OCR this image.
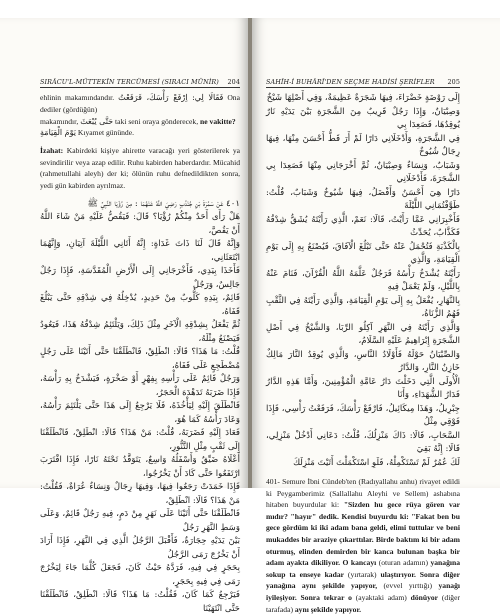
SIRÂCU'L-MÜTTEKÎN TERCÜMESİ (SIRACI MÜNİR) 204

ehlinin makamındandır. فَقَالَا لِي: اِرْفَعْ رَأْسَكَ، فَرَفَعْتُ Ona dediler (gördüğün)

makamındır, حَتَّى يُبْعَثَ taki seni oraya gönderecek, ne vakitte?

يَوْمَ الْقِيَامَةِ Kıyamet gününde.

İzahat: Kabirdeki kişiye ahirette varacağı yeri gösterilerek ya sevindirilir veya azap edilir. Ruhu kabirden haberdardır. Mücahid (rahmetullahi aleyh) der ki; ölünün ruhu defnedildikten sonra, yedi gün kabirden ayrılmaz.

٤٠١ عَنْ سَمُرَةَ بْنِ جُنْدُبٍ رَضِيَ اللَّهُ عَنْهُمَا : مِنْ رُؤْيَا النَّبِيِّ ﷺ

هَلْ رَأَى أَحَدٌ مِنْكُمْ رُؤْيَا؟ قَالَ: فَيَقُصُّ عَلَيْهِ مَنْ شَاءَ اللَّهُ أَنْ يَقُصَّ،

وَإِنَّهُ قَالَ لَنَا ذَاتَ غَدَاةٍ: إِنَّهُ أَتَانِي اللَّيْلَةَ آتِيَانِ، وَإِنَّهُمَا ابْتَعَثَانِي،

فَأَخَذَا بِيَدِي، فَأَخْرَجَانِي إِلَى الْأَرْضِ الْمُقَدَّسَةِ، فَإِذَا رَجُلٌ جَالِسٌ، وَرَجُلٌ

قَائِمٌ، بِيَدِهِ كَلُّوبٌ مِنْ حَدِيدٍ، يُدْخِلُهُ فِي شِدْقِهِ حَتَّى يَبْلُغَ قَفَاهُ،

ثُمَّ يَفْعَلُ بِشِدْقِهِ الْآخَرِ مِثْلَ ذَلِكَ، وَيَلْتَئِمُ شِدْقُهُ هَذَا، فَيَعُودُ فَيَصْنَعُ مِثْلَهُ،

قُلْتُ: مَا هَذَا؟ قَالَا: انْطَلِقْ، فَانْطَلَقْنَا حَتَّى أَتَيْنَا عَلَى رَجُلٍ مُضْطَجِعٍ عَلَى قَفَاهُ،

وَرَجُلٌ قَائِمٌ عَلَى رَأْسِهِ بِفِهْرٍ أَوْ صَخْرَةٍ، فَيَشْدَخُ بِهِ رَأْسَهُ، فَإِذَا ضَرَبَهُ تَدَهْدَهَ الْحَجَرُ،

فَانْطَلَقَ إِلَيْهِ لِيَأْخُذَهُ، فَلَا يَرْجِعُ إِلَى هَذَا حَتَّى يَلْتَئِمَ رَأْسُهُ، وَعَادَ رَأْسُهُ كَمَا هُوَ،

فَعَادَ إِلَيْهِ فَضَرَبَهُ، قُلْتُ: مَنْ هَذَا؟ قَالَا: انْطَلِقْ، فَانْطَلَقْنَا إِلَى ثَقْبٍ مِثْلِ التَّنُّورِ،

أَعْلَاهُ ضَيِّقٌ وَأَسْفَلُهُ وَاسِعٌ، يَتَوَقَّدُ تَحْتَهُ نَارًا، فَإِذَا اقْتَرَبَ ارْتَفَعُوا حَتَّى كَادَ أَنْ يَخْرُجُوا،

فَإِذَا خَمَدَتْ رَجَعُوا فِيهَا، وَفِيهَا رِجَالٌ وَنِسَاءٌ عُرَاةٌ، فَقُلْتُ: مَنْ هَذَا؟ قَالَا: انْطَلِقْ،

فَانْطَلَقْنَا حَتَّى أَتَيْنَا عَلَى نَهَرٍ مِنْ دَمٍ، فِيهِ رَجُلٌ قَائِمٌ، وَعَلَى وَسَطِ النَّهَرِ رَجُلٌ

بَيْنَ يَدَيْهِ حِجَارَةٌ، فَأَقْبَلَ الرَّجُلُ الَّذِي فِي النَّهَرِ، فَإِذَا أَرَادَ أَنْ يَخْرُجَ رَمَى الرَّجُلُ

بِحَجَرٍ فِي فِيهِ، فَرَدَّهُ حَيْثُ كَانَ، فَجَعَلَ كُلَّمَا جَاءَ لِيَخْرُجَ رَمَى فِي فِيهِ بِحَجَرٍ،

فَيَرْجِعُ كَمَا كَانَ، فَقُلْتُ: مَا هَذَا؟ قَالَا: انْطَلِقْ، فَانْطَلَقْنَا حَتَّى انْتَهَيْنَا

SAHÎH-İ BUHÂRÎ'DEN SEÇME HADİSİ ŞERİFLER 205

إِلَى رَوْضَةٍ خَضْرَاءَ، فِيهَا شَجَرَةٌ عَظِيمَةٌ، وَفِي أَصْلِهَا شَيْخٌ

وَصِبْيَانٌ، وَإِذَا رَجُلٌ قَرِيبٌ مِنَ الشَّجَرَةِ بَيْنَ يَدَيْهِ نَارٌ يُوقِدُهَا، فَصَعِدَا بِي

فِي الشَّجَرَةِ، وَأَدْخَلَانِي دَارًا لَمْ أَرَ قَطُّ أَحْسَنَ مِنْهَا، فِيهَا رِجَالٌ شُيُوخٌ

وَشَبَابٌ، وَنِسَاءٌ وَصِبْيَانٌ، ثُمَّ أَخْرَجَانِي مِنْهَا فَصَعِدَا بِي الشَّجَرَةَ، فَأَدْخَلَانِي

دَارًا هِيَ أَحْسَنُ وَأَفْضَلُ، فِيهَا شُيُوخٌ وَشَبَابٌ، قُلْتُ: طَوَّفْتُمَانِي اللَّيْلَةَ

فَأَخْبِرَانِي عَمَّا رَأَيْتُ، قَالَا: نَعَمْ، الَّذِي رَأَيْتَهُ يُشَقُّ شِدْقُهُ فَكَذَّابٌ، يُحَدِّثُ

بِالْكَذْبَةِ فَتُحْمَلُ عَنْهُ حَتَّى تَبْلُغَ الْآفَاقَ، فَيُصْنَعُ بِهِ إِلَى يَوْمِ الْقِيَامَةِ، وَالَّذِي

رَأَيْتَهُ يُشْدَخُ رَأْسُهُ فَرَجُلٌ عَلَّمَهُ اللَّهُ الْقُرْآنَ، فَنَامَ عَنْهُ بِاللَّيْلِ، وَلَمْ يَعْمَلْ فِيهِ

بِالنَّهَارِ، يُفْعَلُ بِهِ إِلَى يَوْمِ الْقِيَامَةِ، وَالَّذِي رَأَيْتَهُ فِي الثَّقْبِ فَهُمُ الزُّنَاةُ،

وَالَّذِي رَأَيْتَهُ فِي النَّهَرِ آكِلُو الرِّبَا، وَالشَّيْخُ فِي أَصْلِ الشَّجَرَةِ إِبْرَاهِيمُ عَلَيْهِ السَّلَامُ،

وَالصِّبْيَانُ حَوْلَهُ فَأَوْلَادُ النَّاسِ، وَالَّذِي يُوقِدُ النَّارَ مَالِكٌ خَازِنُ النَّارِ، وَالدَّارُ

الْأُولَى الَّتِي دَخَلْتَ دَارُ عَامَّةِ الْمُؤْمِنِينَ، وَأَمَّا هَذِهِ الدَّارُ فَدَارُ الشُّهَدَاءِ، وَأَنَا

جِبْرِيلُ، وَهَذَا مِيكَائِيلُ، فَارْفَعْ رَأْسَكَ، فَرَفَعْتُ رَأْسِي، فَإِذَا فَوْقِي مِثْلُ

السَّحَابِ، قَالَا: ذَاكَ مَنْزِلُكَ، قُلْتُ: دَعَانِي أَدْخُلْ مَنْزِلِي، قَالَا: إِنَّهُ بَقِيَ

لَكَ عُمُرٌ لَمْ تَسْتَكْمِلْهُ، فَلَوِ اسْتَكْمَلْتَ أَتَيْتَ مَنْزِلَكَ

401- Semure İbni Cündeb'ten (Radıyallahu anhu) rivayet edildi ki Peygamberimiz (Sallallahu Aleyhi ve Sellem) ashabına hitaben buyurdular ki: "Sizden hu gece rüya gören var mıdır? "hayır" dedik. Kendisi buyurdu ki: "Fakat ben bu gece gördüm ki iki adam bana geldi, elimi tuttular ve beni mukaddes bir araziye çıkarttılar. Birde baktım ki bir adam oturmuş, elinden demirden bir kanca bulunan başka bir adam ayakta dikiliyor. O kancayı (oturan adamın) yanağına sokup ta enseye kadar (yırtarak) ulaştırıyor. Sonra diğer yanağına aynı şekilde yapıyor, (evvel yırttığı) yanağı iyileşiyor. Sonra tekrar o (ayaktaki adam) dönüyor (diğer tarafada) aynı şekilde yapıyor.
